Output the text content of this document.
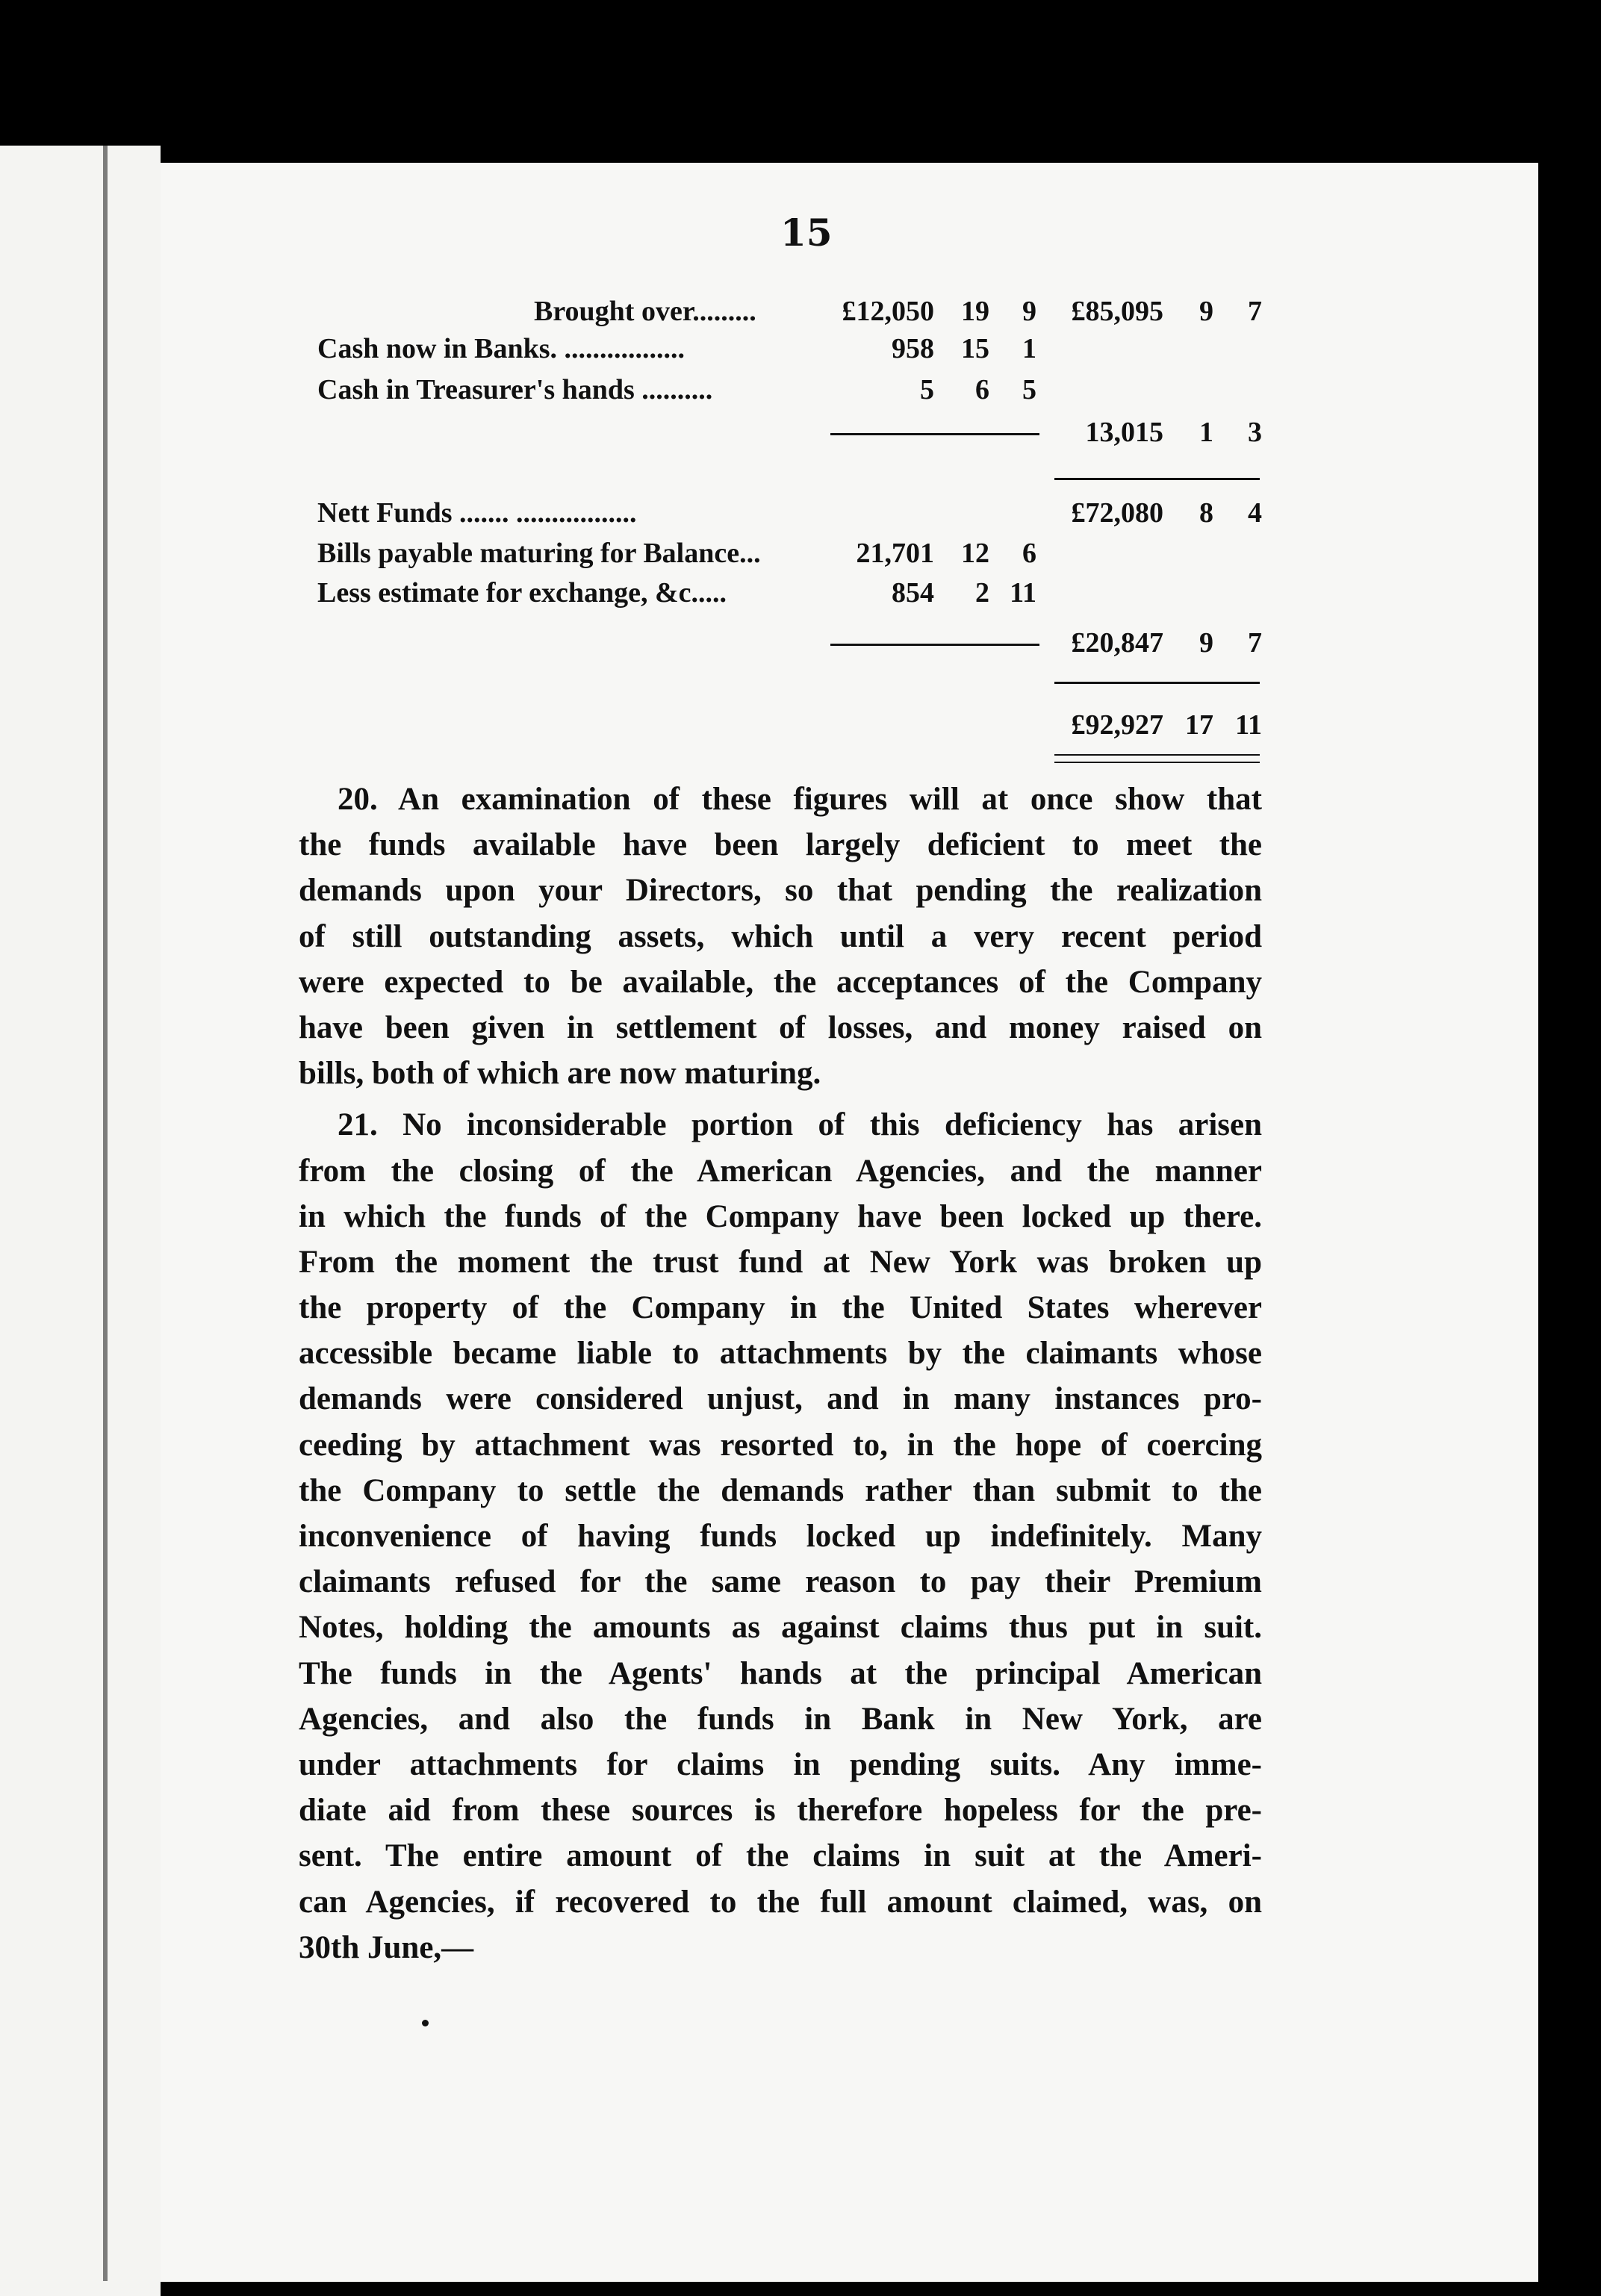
15
Brought over.........	£12,050 19 9 £85,095 9 7
Cash now in Banks. .................	958 15 1
Cash in Treasurer's hands ..........	5 6 5
13,015 1 3
Nett Funds ....... .................	£72,080 8 4
Bills payable maturing for Balance...	21,701 12 6
Less estimate for exchange, &c.....	854 2 11
£20,847 9 7
£92,927 17 11
20. An examination of these figures will at once show that
the funds available have been largely deficient to meet the
demands upon your Directors, so that pending the realization
of still outstanding assets, which until a very recent period
were expected to be available, the acceptances of the Company
have been given in settlement of losses, and money raised on
bills, both of which are now maturing.
21. No inconsiderable portion of this deficiency has arisen
from the closing of the American Agencies, and the manner
in which the funds of the Company have been locked up there.
From the moment the trust fund at New York was broken up
the property of the Company in the United States wherever
accessible became liable to attachments by the claimants whose
demands were considered unjust, and in many instances pro-
ceeding by attachment was resorted to, in the hope of coercing
the Company to settle the demands rather than submit to the
inconvenience of having funds locked up indefinitely. Many
claimants refused for the same reason to pay their Premium
Notes, holding the amounts as against claims thus put in suit.
The funds in the Agents' hands at the principal American
Agencies, and also the funds in Bank in New York, are
under attachments for claims in pending suits. Any imme-
diate aid from these sources is therefore hopeless for the pre-
sent. The entire amount of the claims in suit at the Ameri-
can Agencies, if recovered to the full amount claimed, was, on
30th June,—
